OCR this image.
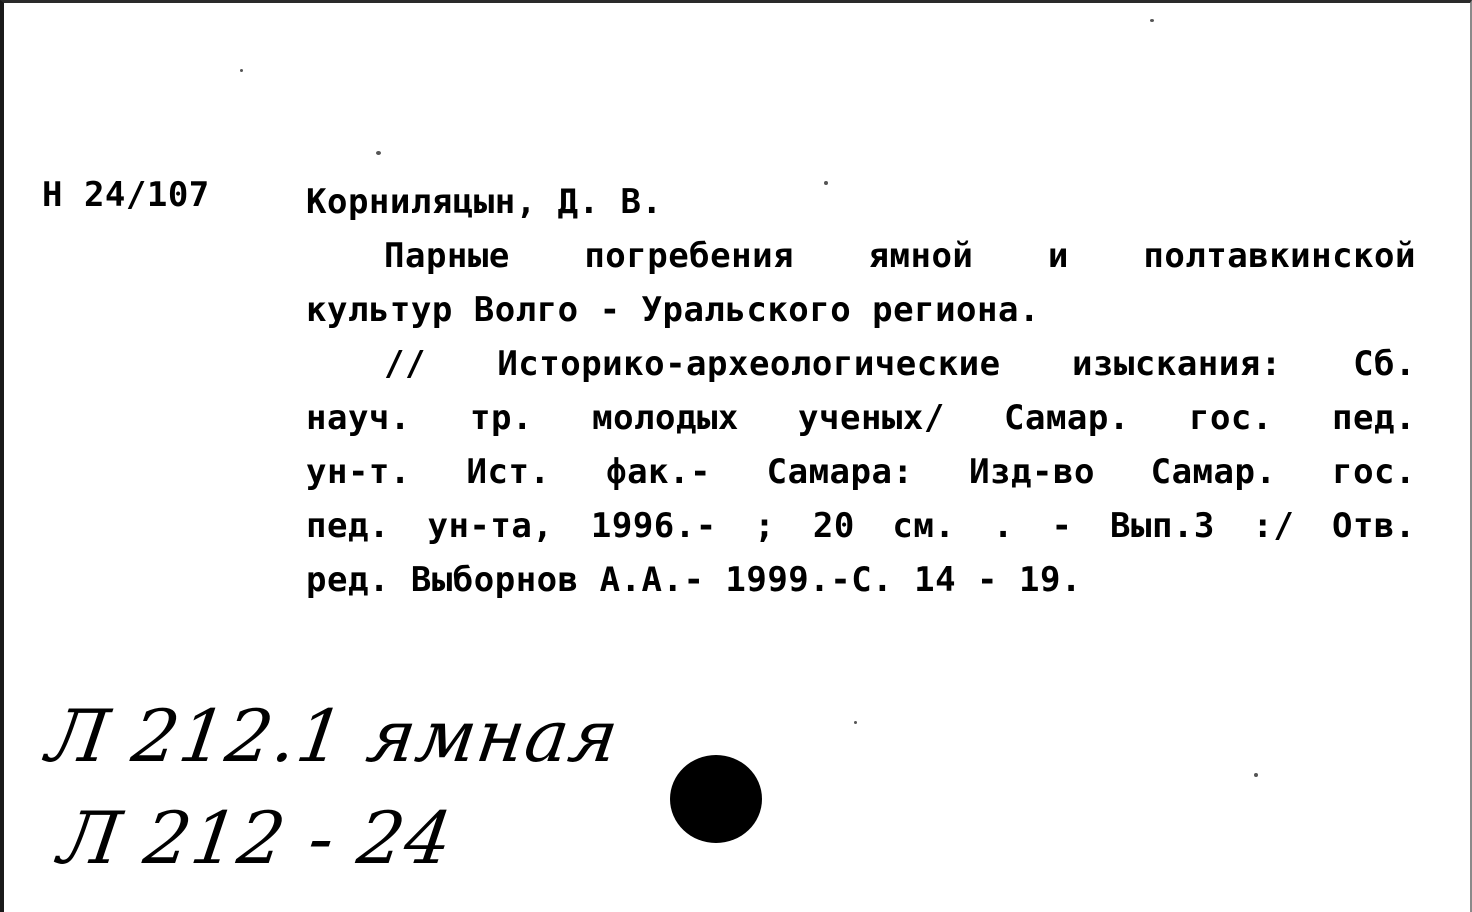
Н 24/107	Корниляцын, Д. В.
Парные погребения ямной и полтавкинской
культур Волго - Уральского региона.
// Историко-археологические изыскания: Сб.
науч. тр. молодых ученых/ Самар. гос. пед.
ун-т. Ист. фак.- Самара: Изд-во Самар. гос.
пед. ун-та, 1996.- ; 20 см. . - Вып.3 :/ Отв.
ред. Выборнов А.А.- 1999.-С. 14 - 19.
Л 212.1 ямная
Л 212 - 24
